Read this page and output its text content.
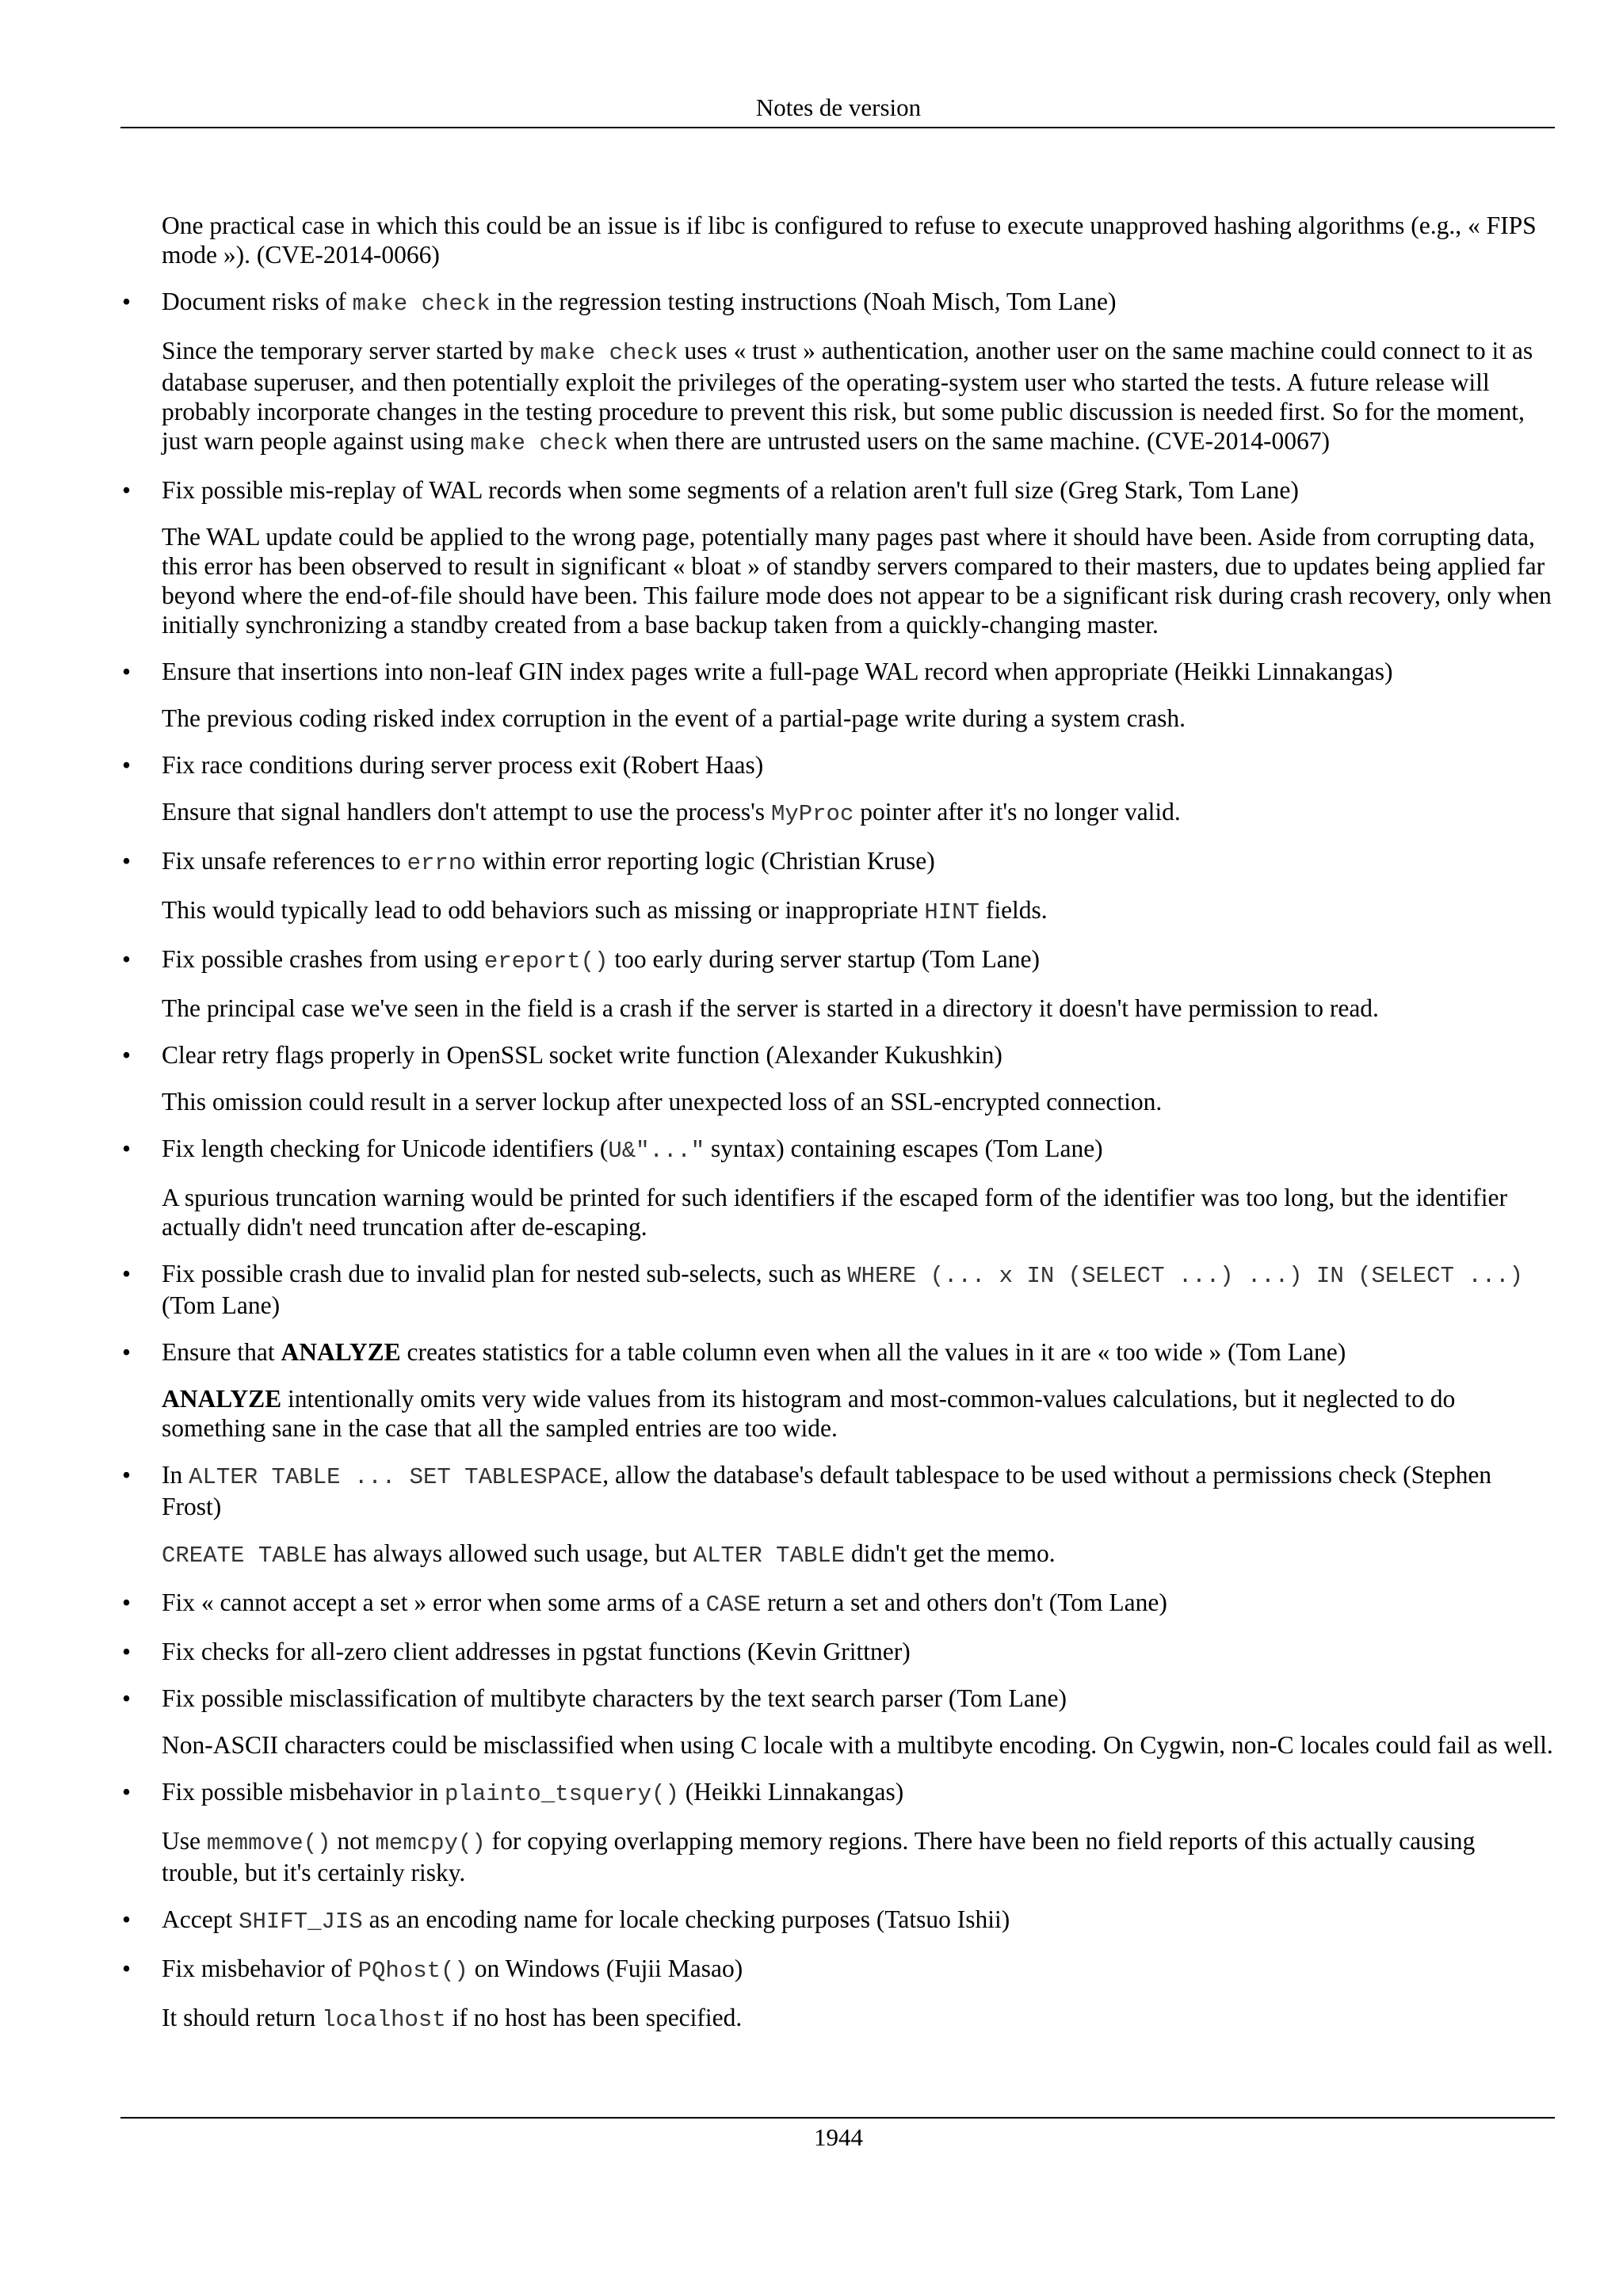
Notes de version

One practical case in which this could be an issue is if libc is configured to refuse to execute unapproved hashing algorithms (e.g., « FIPS mode »). (CVE-2014-0066)

• Document risks of make check in the regression testing instructions (Noah Misch, Tom Lane)

Since the temporary server started by make check uses « trust » authentication, another user on the same machine could connect to it as database superuser, and then potentially exploit the privileges of the operating-system user who started the tests. A future release will probably incorporate changes in the testing procedure to prevent this risk, but some public discussion is needed first. So for the moment, just warn people against using make check when there are untrusted users on the same machine. (CVE-2014-0067)

• Fix possible mis-replay of WAL records when some segments of a relation aren't full size (Greg Stark, Tom Lane)

The WAL update could be applied to the wrong page, potentially many pages past where it should have been. Aside from corrupting data, this error has been observed to result in significant « bloat » of standby servers compared to their masters, due to updates being applied far beyond where the end-of-file should have been. This failure mode does not appear to be a significant risk during crash recovery, only when initially synchronizing a standby created from a base backup taken from a quickly-changing master.

• Ensure that insertions into non-leaf GIN index pages write a full-page WAL record when appropriate (Heikki Linnakangas)

The previous coding risked index corruption in the event of a partial-page write during a system crash.

• Fix race conditions during server process exit (Robert Haas)

Ensure that signal handlers don't attempt to use the process's MyProc pointer after it's no longer valid.

• Fix unsafe references to errno within error reporting logic (Christian Kruse)

This would typically lead to odd behaviors such as missing or inappropriate HINT fields.

• Fix possible crashes from using ereport() too early during server startup (Tom Lane)

The principal case we've seen in the field is a crash if the server is started in a directory it doesn't have permission to read.

• Clear retry flags properly in OpenSSL socket write function (Alexander Kukushkin)

This omission could result in a server lockup after unexpected loss of an SSL-encrypted connection.

• Fix length checking for Unicode identifiers (U&"..." syntax) containing escapes (Tom Lane)

A spurious truncation warning would be printed for such identifiers if the escaped form of the identifier was too long, but the identifier actually didn't need truncation after de-escaping.

• Fix possible crash due to invalid plan for nested sub-selects, such as WHERE (... x IN (SELECT ...) ...) IN (SELECT ...) (Tom Lane)
• Ensure that ANALYZE creates statistics for a table column even when all the values in it are « too wide » (Tom Lane)

ANALYZE intentionally omits very wide values from its histogram and most-common-values calculations, but it neglected to do something sane in the case that all the sampled entries are too wide.

• In ALTER TABLE ... SET TABLESPACE, allow the database's default tablespace to be used without a permissions check (Stephen Frost)

CREATE TABLE has always allowed such usage, but ALTER TABLE didn't get the memo.

• Fix « cannot accept a set » error when some arms of a CASE return a set and others don't (Tom Lane)
• Fix checks for all-zero client addresses in pgstat functions (Kevin Grittner)
• Fix possible misclassification of multibyte characters by the text search parser (Tom Lane)

Non-ASCII characters could be misclassified when using C locale with a multibyte encoding. On Cygwin, non-C locales could fail as well.

• Fix possible misbehavior in plainto_tsquery() (Heikki Linnakangas)

Use memmove() not memcpy() for copying overlapping memory regions. There have been no field reports of this actually causing trouble, but it's certainly risky.

• Accept SHIFT_JIS as an encoding name for locale checking purposes (Tatsuo Ishii)
• Fix misbehavior of PQhost() on Windows (Fujii Masao)

It should return localhost if no host has been specified.

1944
